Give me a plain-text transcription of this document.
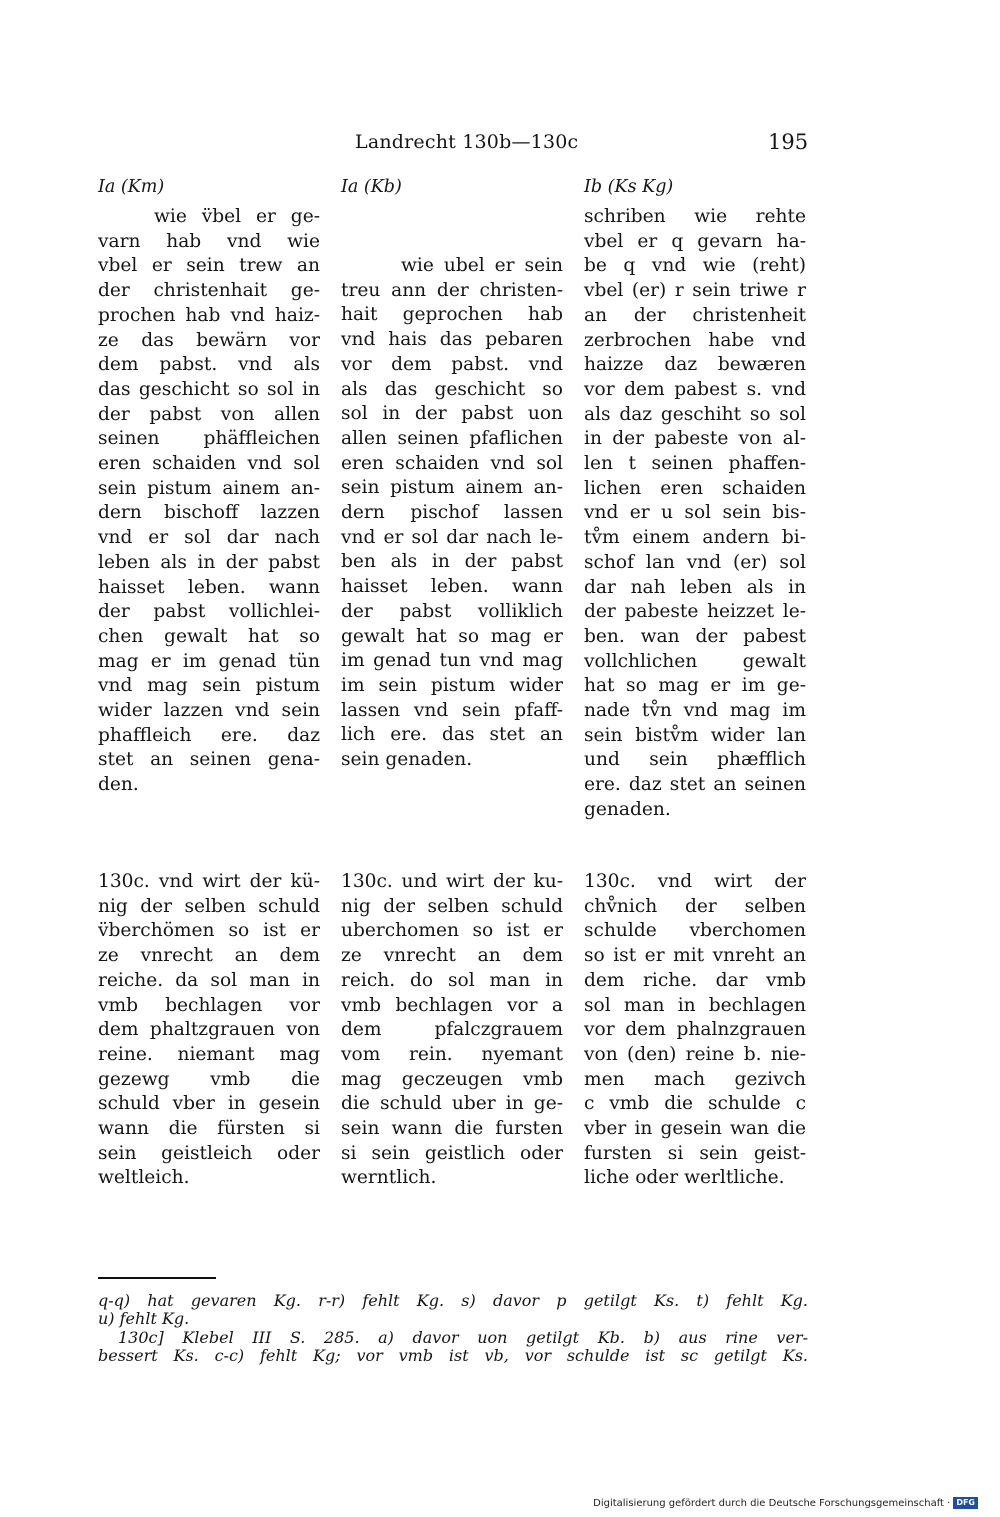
Landrecht 130b—130c	195
Ia (Km)	Ia (Kb)	Ib (Ks Kg)
wie v̈bel er ge-
varn hab vnd wie
vbel er sein trew an
der christenhait ge-
prochen hab vnd haiz-
ze das bewärn vor
dem pabst. vnd als
das geschicht so sol in
der pabst von allen
seinen phäffleichen
eren schaiden vnd sol
sein pistum ainem an-
dern bischoff lazzen
vnd er sol dar nach
leben als in der pabst
haisset leben. wann
der pabst vollichlei-
chen gewalt hat so
mag er im genad tün
vnd mag sein pistum
wider lazzen vnd sein
phaffleich ere. daz
stet an seinen gena-
den.
wie ubel er sein
treu ann der christen-
hait geprochen hab
vnd hais das pebaren
vor dem pabst. vnd
als das geschicht so
sol in der pabst uon
allen seinen pfaflichen
eren schaiden vnd sol
sein pistum ainem an-
dern pischof lassen
vnd er sol dar nach le-
ben als in der pabst
haisset leben. wann
der pabst volliklich
gewalt hat so mag er
im genad tun vnd mag
im sein pistum wider
lassen vnd sein pfaff-
lich ere. das stet an
sein genaden.
schriben wie rehte
vbel er q gevarn ha-
be q vnd wie (reht)
vbel (er) r sein triwe r
an der christenheit
zerbrochen habe vnd
haizze daz bewæren
vor dem pabest s. vnd
als daz geschiht so sol
in der pabeste von al-
len t seinen phaffen-
lichen eren schaiden
vnd er u sol sein bis-
tv̊m einem andern bi-
schof lan vnd (er) sol
dar nah leben als in
der pabeste heizzet le-
ben. wan der pabest
vollchlichen gewalt
hat so mag er im ge-
nade tv̊n vnd mag im
sein bistv̊m wider lan
und sein phæfflich
ere. daz stet an seinen
genaden.
130c. vnd wirt der kü-
nig der selben schuld
v̈berchömen so ist er
ze vnrecht an dem
reiche. da sol man in
vmb bechlagen vor
dem phaltzgrauen von
reine. niemant mag
gezewg vmb die
schuld vber in gesein
wann die fürsten si
sein geistleich oder
weltleich.
130c. und wirt der ku-
nig der selben schuld
uberchomen so ist er
ze vnrecht an dem
reich. do sol man in
vmb bechlagen vor a
dem pfalczgrauem
vom rein. nyemant
mag geczeugen vmb
die schuld uber in ge-
sein wann die fursten
si sein geistlich oder
werntlich.
130c. vnd wirt der
chv̊nich der selben
schulde vberchomen
so ist er mit vnreht an
dem riche. dar vmb
sol man in bechlagen
vor dem phalnzgrauen
von (den) reine b. nie-
men mach gezivch
c vmb die schulde c
vber in gesein wan die
fursten si sein geist-
liche oder werltliche.
q-q) hat gevaren Kg. r-r) fehlt Kg. s) davor p getilgt Ks. t) fehlt Kg.
u) fehlt Kg.
130c] Klebel III S. 285. a) davor uon getilgt Kb. b) aus rine ver-
bessert Ks. c-c) fehlt Kg; vor vmb ist vb, vor schulde ist sc getilgt Ks.
Digitalisierung gefördert durch die Deutsche Forschungsgemeinschaft · DFG
